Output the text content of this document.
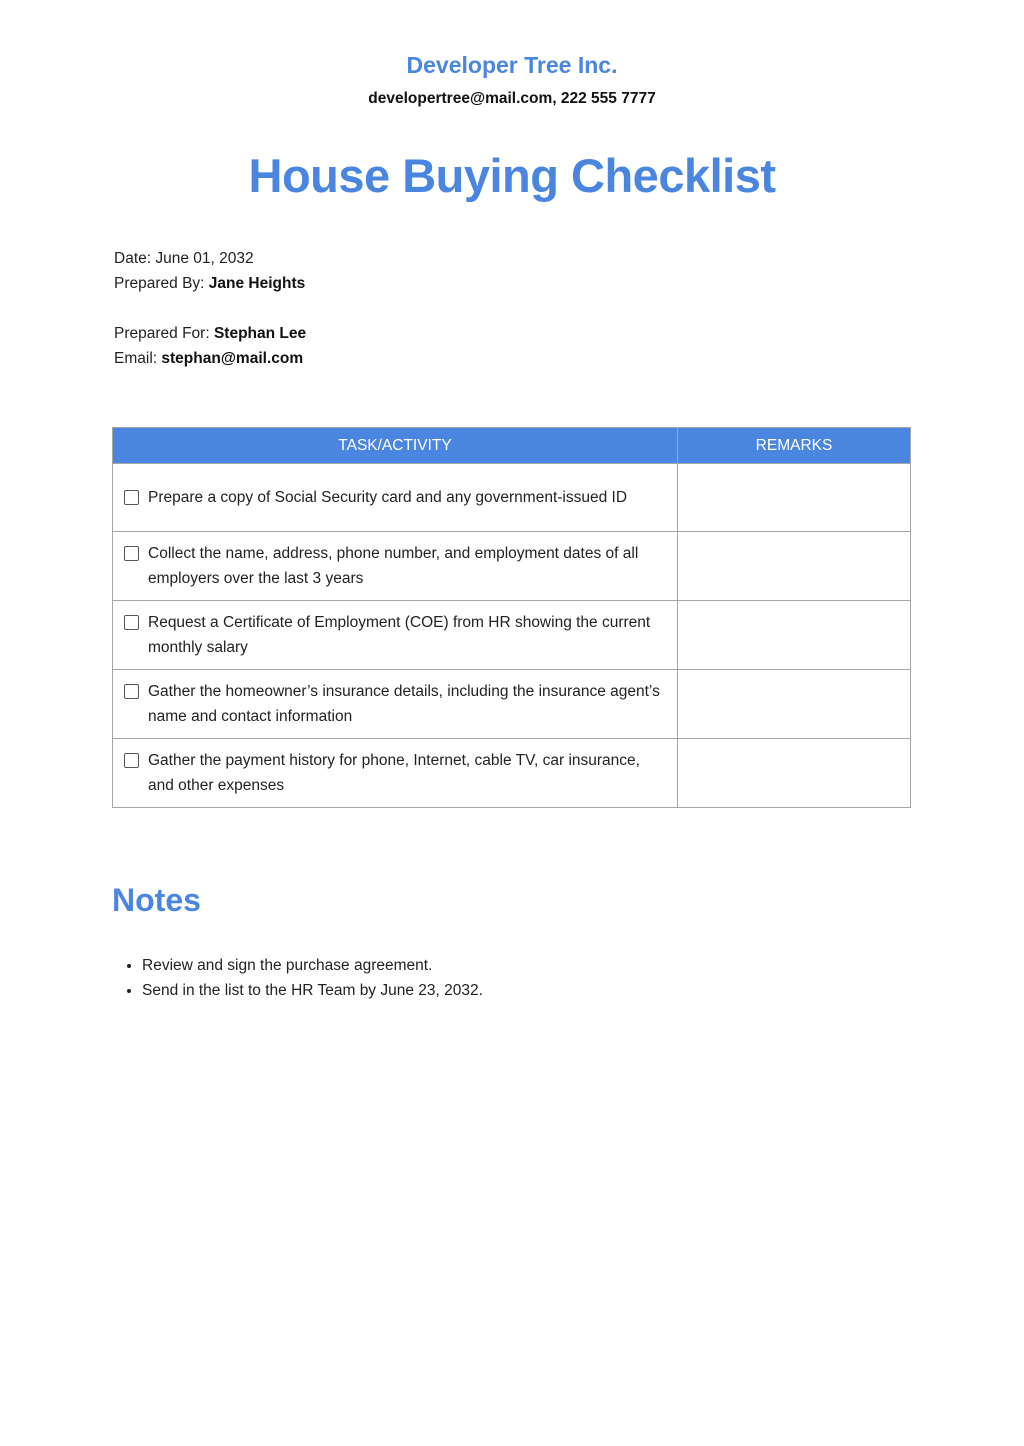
Developer Tree Inc.
developertree@mail.com, 222 555 7777
House Buying Checklist
Date: June 01, 2032
Prepared By: Jane Heights
Prepared For: Stephan Lee
Email: stephan@mail.com
TASK/ACTIVITY	REMARKS

Prepare a copy of Social Security card and any government-issued ID	

Collect the name, address, phone number, and employment dates of all employers over the last 3 years	

Request a Certificate of Employment (COE) from HR showing the current monthly salary	

Gather the homeowner’s insurance details, including the insurance agent’s name and contact information	

Gather the payment history for phone, Internet, cable TV, car insurance, and other expenses	

Notes
• Review and sign the purchase agreement.
• Send in the list to the HR Team by June 23, 2032.
